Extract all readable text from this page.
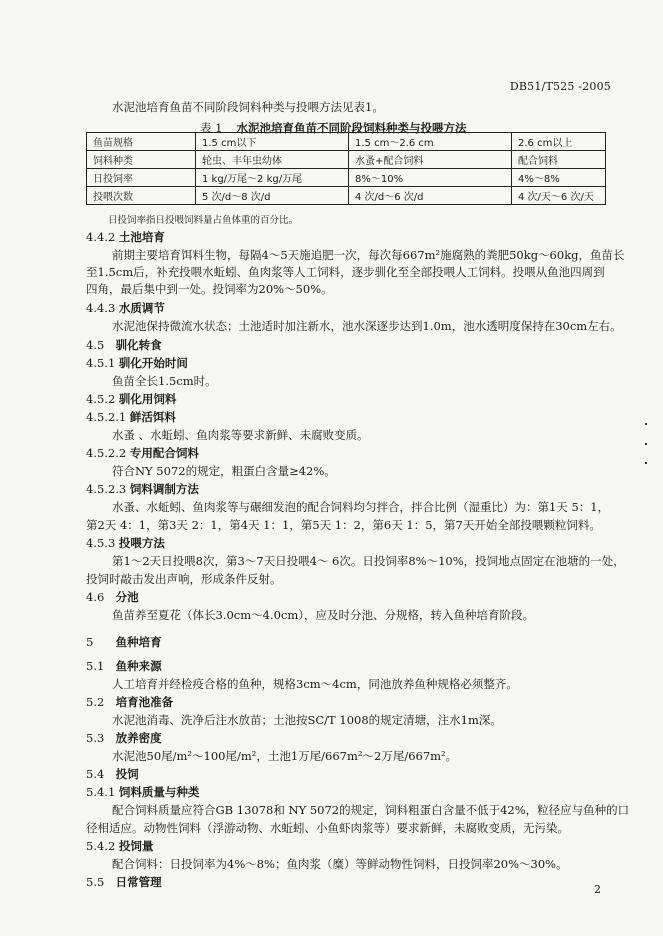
DB51/T525 -2005
水泥池培育鱼苗不同阶段饲料种类与投喂方法见表1。
表 1 水泥池培育鱼苗不同阶段饲料种类与投喂方法
鱼苗规格	1.5 cm以下	1.5 cm～2.6 cm	2.6 cm以上
饲料种类	轮虫、丰年虫幼体	水蚤+配合饲料	配合饲料
日投饲率	1 kg/万尾～2 kg/万尾	8%～10%	4%～8%
投喂次数	5 次/d～8 次/d	4 次/d～6 次/d	4 次/天～6 次/天
日投饲率指日投喂饲料量占鱼体重的百分比。
4.4.2 土池培育
前期主要培育饵料生物，每隔4～5天施追肥一次，每次每667m²施腐熟的粪肥50kg～60kg，鱼苗长
至1.5cm后，补充投喂水蚯蚓、鱼肉浆等人工饲料，逐步驯化至全部投喂人工饲料。投喂从鱼池四周到
四角，最后集中到一处。投饲率为20%～50%。
4.4.3 水质调节
水泥池保持微流水状态；土池适时加注新水，池水深逐步达到1.0m，池水透明度保持在30cm左右。
4.5 驯化转食
4.5.1 驯化开始时间
鱼苗全长1.5cm时。
4.5.2 驯化用饲料
4.5.2.1 鲜活饵料
水蚤 、水蚯蚓、鱼肉浆等要求新鲜、未腐败变质。
4.5.2.2 专用配合饲料
符合NY 5072的规定，粗蛋白含量≥42%。
4.5.2.3 饲料调制方法
水蚤、水蚯蚓、鱼肉浆等与碾细发泡的配合饲料均匀拌合，拌合比例（湿重比）为：第1天 5：1，
第2天 4：1，第3天 2：1，第4天 1：1，第5天 1：2，第6天 1：5，第7天开始全部投喂颗粒饲料。
4.5.3 投喂方法
第1～2天日投喂8次，第3～7天日投喂4～ 6次。日投饲率8%～10%，投饲地点固定在池塘的一处，
投饲时敲击发出声响，形成条件反射。
4.6 分池
鱼苗养至夏花（体长3.0cm～4.0cm），应及时分池、分规格，转入鱼种培育阶段。
5 鱼种培育
5.1 鱼种来源
人工培育并经检疫合格的鱼种，规格3cm～4cm，同池放养鱼种规格必须整齐。
5.2 培育池准备
水泥池消毒、洗净后注水放苗；土池按SC/T 1008的规定清塘，注水1m深。
5.3 放养密度
水泥池50尾/m²～100尾/m²，土池1万尾/667m²～2万尾/667m²。
5.4 投饲
5.4.1 饲料质量与种类
配合饲料质量应符合GB 13078和 NY 5072的规定，饲料粗蛋白含量不低于42%，粒径应与鱼种的口
径相适应。动物性饲料（浮游动物、水蚯蚓、小鱼虾肉浆等）要求新鲜，未腐败变质，无污染。
5.4.2 投饲量
配合饲料：日投饲率为4%～8%；鱼肉浆（糜）等鲜动物性饲料，日投饲率20%～30%。
5.5 日常管理
2
